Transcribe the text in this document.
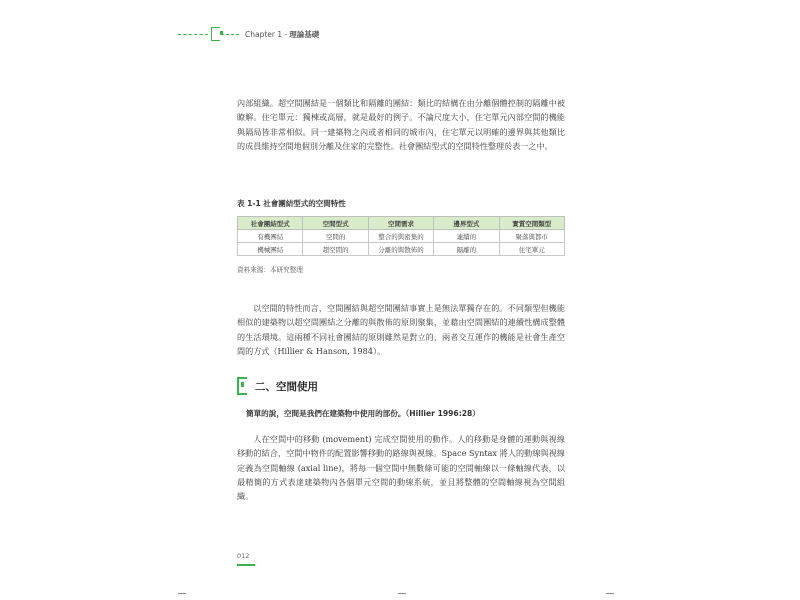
Chapter 1 - 理論基礎

內部組織。超空間團結是一個類比和隔離的團結：類比的結構在由分離個體控制的隔離中被瞭解。住宅單元：獨棟或高層，就是最好的例子。不論尺度大小，住宅單元內部空間的機能與隔局皆非常相似。同一建築物之內或者相同的城市內，住宅單元以明確的邊界與其他類比的成員維持空間地個別分離及住家的完整性。社會團結型式的空間特性整理於表一之中。

表 1-1 社會團結型式的空間特性
社會團結型式	空間型式	空間需求	邊界型式	實質空間類型
有機團結	空間的	整合的與密集的	連續的	聚落與都市
機械團結	超空間的	分離的與散佈的	隔離的	住宅單元
資料來源：本研究整理

以空間的特性而言，空間團結與超空間團結事實上是無法單獨存在的。不同類型但機能相似的建築物以超空間團結之分離的與散佈的原則聚集，並藉由空間團結的連續性構成整體的生活環境。這兩種不同社會團結的原則雖然是對立的，兩者交互運作的機能是社會生產空間的方式（Hillier & Hanson, 1984）。

二、空間使用
簡單的說，空間是我們在建築物中使用的部份。（Hillier 1996:28）

人在空間中的移動 (movement) 完成空間使用的動作。人的移動是身體的運動與視線移動的結合，空間中物件的配置影響移動的路線與視線。Space Syntax 將人的動線與視線定義為空間軸線 (axial line)，將每一個空間中無數條可能的空間軸線以一條軸線代表，以最精簡的方式表達建築物內各個單元空間的動線系統，並且將整體的空間軸線視為空間組織。

012
